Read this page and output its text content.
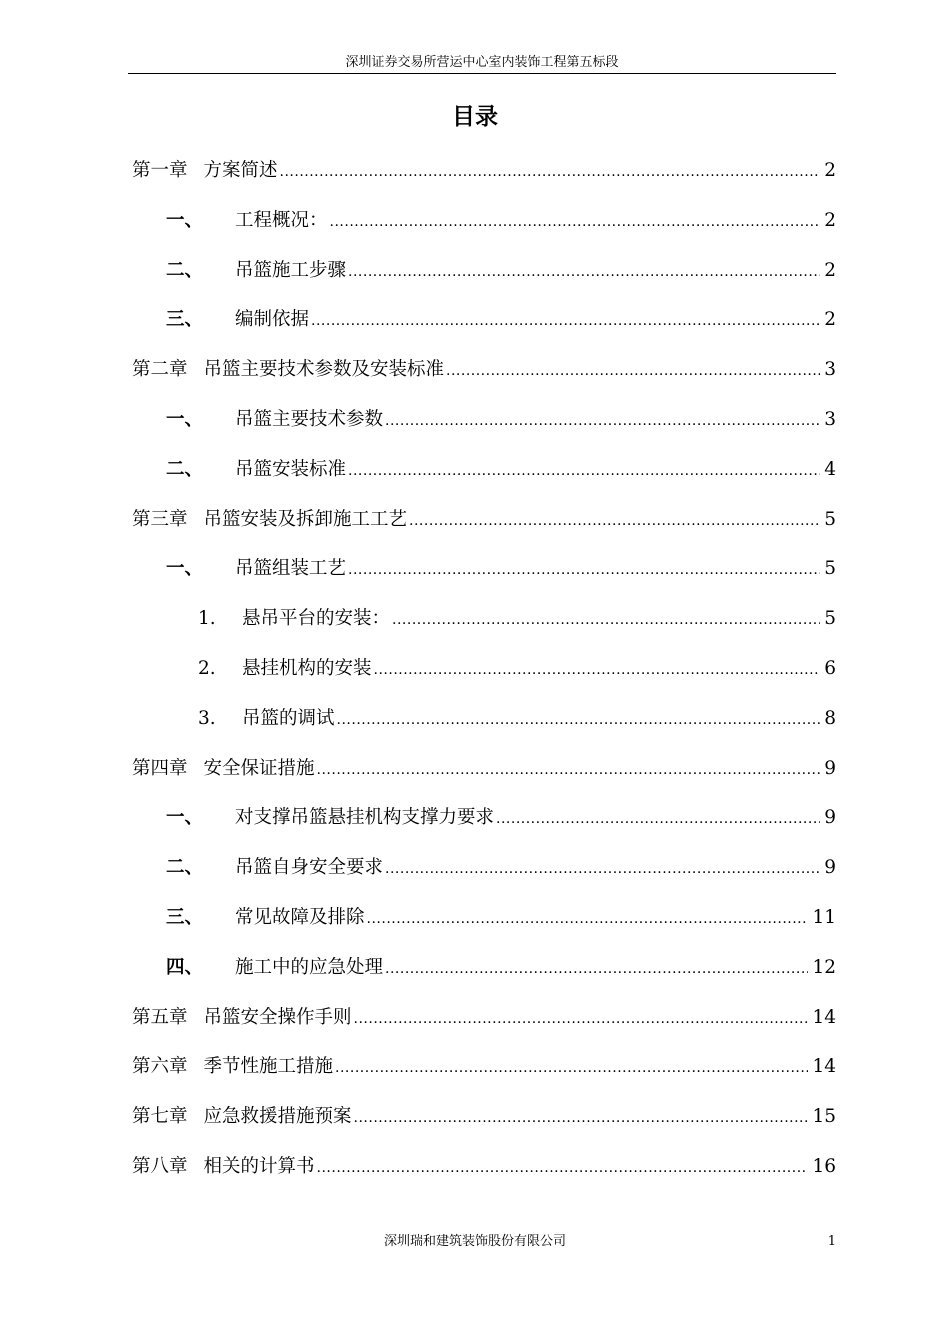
深圳证券交易所营运中心室内装饰工程第五标段
目录
第一章 方案简述 .....	2
一、	工程概况： .....	2
二、	吊篮施工步骤 .....	2
三、	编制依据 .....	2
第二章 吊篮主要技术参数及安装标准 .....	3
一、	吊篮主要技术参数 .....	3
二、	吊篮安装标准 .....	4
第三章 吊篮安装及拆卸施工工艺 .....	5
一、	吊篮组装工艺 .....	5
1.	悬吊平台的安装： .....	5
2.	悬挂机构的安装 .....	6
3.	吊篮的调试 .....	8
第四章 安全保证措施 .....	9
一、	对支撑吊篮悬挂机构支撑力要求 .....	9
二、	吊篮自身安全要求 .....	9
三、	常见故障及排除 .....	11
四、	施工中的应急处理 .....	12
第五章 吊篮安全操作手则 .....	14
第六章 季节性施工措施 .....	14
第七章 应急救援措施预案 .....	15
第八章 相关的计算书 .....	16
深圳瑞和建筑装饰股份有限公司	1
